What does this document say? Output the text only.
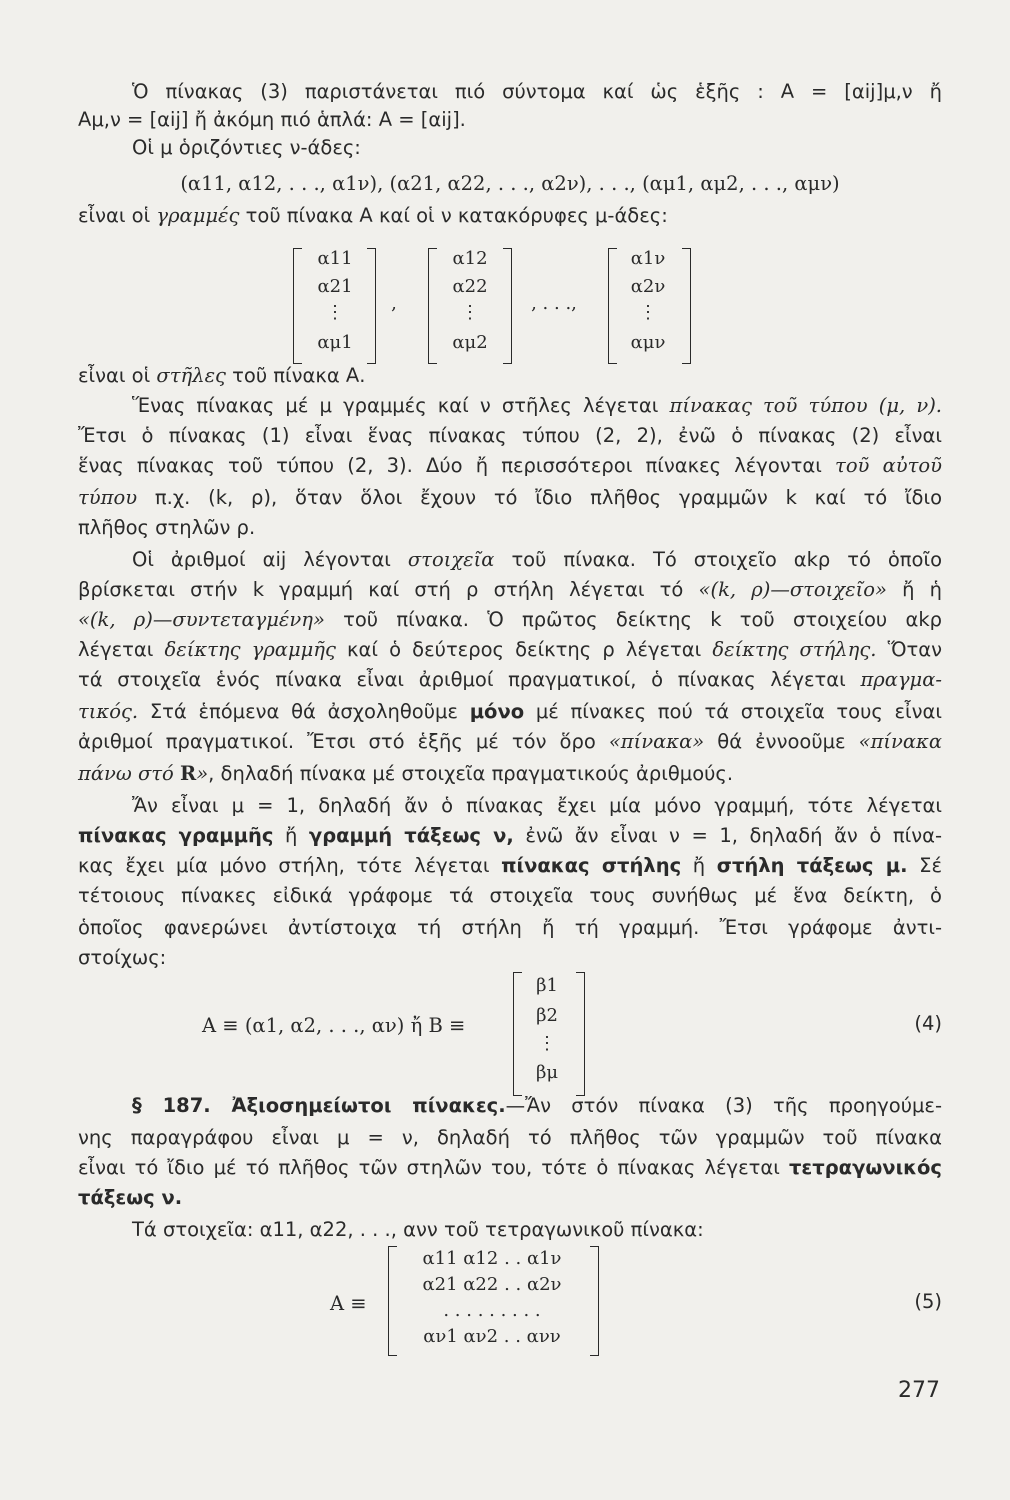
Ὁ πίνακας (3) παριστάνεται πιό σύντομα καί ὡς ἑξῆς : Α = [αij]μ,ν ἤ
Αμ,ν = [αij] ἤ ἀκόμη πιό ἁπλά: Α = [αij].
Οἱ μ ὁριζόντιες ν-άδες:
(α11, α12, . . ., α1ν), (α21, α22, . . ., α2ν), . . ., (αμ1, αμ2, . . ., αμν)
εἶναι οἱ γραμμές τοῦ πίνακα Α καί οἱ ν κατακόρυφες μ-άδες:
α11
α21
⋮
αμ1
,
α12
α22
⋮
αμ2
, . . .,
α1ν
α2ν
⋮
αμν
εἶναι οἱ στῆλες τοῦ πίνακα Α.
Ἕνας πίνακας μέ μ γραμμές καί ν στῆλες λέγεται πίνακας τοῦ τύπου (μ, ν).
Ἔτσι ὁ πίνακας (1) εἶναι ἕνας πίνακας τύπου (2, 2), ἐνῶ ὁ πίνακας (2) εἶναι
ἕνας πίνακας τοῦ τύπου (2, 3). Δύο ἤ περισσότεροι πίνακες λέγονται τοῦ αὐτοῦ
τύπου π.χ. (k, ρ), ὅταν ὅλοι ἔχουν τό ἴδιο πλῆθος γραμμῶν k καί τό ἴδιο
πλῆθος στηλῶν ρ.
Οἱ ἀριθμοί αij λέγονται στοιχεῖα τοῦ πίνακα. Τό στοιχεῖο αkρ τό ὁποῖο
βρίσκεται στήν k γραμμή καί στή ρ στήλη λέγεται τό «(k, ρ)—στοιχεῖο» ἤ ἡ
«(k, ρ)—συντεταγμένη» τοῦ πίνακα. Ὁ πρῶτος δείκτης k τοῦ στοιχείου αkρ
λέγεται δείκτης γραμμῆς καί ὁ δεύτερος δείκτης ρ λέγεται δείκτης στήλης. Ὅταν
τά στοιχεῖα ἑνός πίνακα εἶναι ἀριθμοί πραγματικοί, ὁ πίνακας λέγεται πραγμα-
τικός. Στά ἑπόμενα θά ἀσχοληθοῦμε μόνο μέ πίνακες πού τά στοιχεῖα τους εἶναι
ἀριθμοί πραγματικοί. Ἔτσι στό ἑξῆς μέ τόν ὅρο «πίνακα» θά ἐννοοῦμε «πίνακα
πάνω στό R», δηλαδή πίνακα μέ στοιχεῖα πραγματικούς ἀριθμούς.
Ἄν εἶναι μ = 1, δηλαδή ἄν ὁ πίνακας ἔχει μία μόνο γραμμή, τότε λέγεται
πίνακας γραμμῆς ἤ γραμμή τάξεως ν, ἐνῶ ἄν εἶναι ν = 1, δηλαδή ἄν ὁ πίνα-
κας ἔχει μία μόνο στήλη, τότε λέγεται πίνακας στήλης ἤ στήλη τάξεως μ. Σέ
τέτοιους πίνακες εἰδικά γράφομε τά στοιχεῖα τους συνήθως μέ ἕνα δείκτη, ὁ
ὁποῖος φανερώνει ἀντίστοιχα τή στήλη ἤ τή γραμμή. Ἔτσι γράφομε ἀντι-
στοίχως:
Α ≡ (α1, α2, . . ., αν) ἤ Β ≡
β1
β2
⋮
βμ
(4)
§ 187. Ἀξιοσημείωτοι πίνακες.—Ἄν στόν πίνακα (3) τῆς προηγούμε-
νης παραγράφου εἶναι μ = ν, δηλαδή τό πλῆθος τῶν γραμμῶν τοῦ πίνακα
εἶναι τό ἴδιο μέ τό πλῆθος τῶν στηλῶν του, τότε ὁ πίνακας λέγεται τετραγωνικός
τάξεως ν.
Τά στοιχεῖα: α11, α22, . . ., ανν τοῦ τετραγωνικοῦ πίνακα:
Α ≡
α11 α12 . . α1ν
α21 α22 . . α2ν
. . . . . . . . .
αν1 αν2 . . ανν
(5)
277
